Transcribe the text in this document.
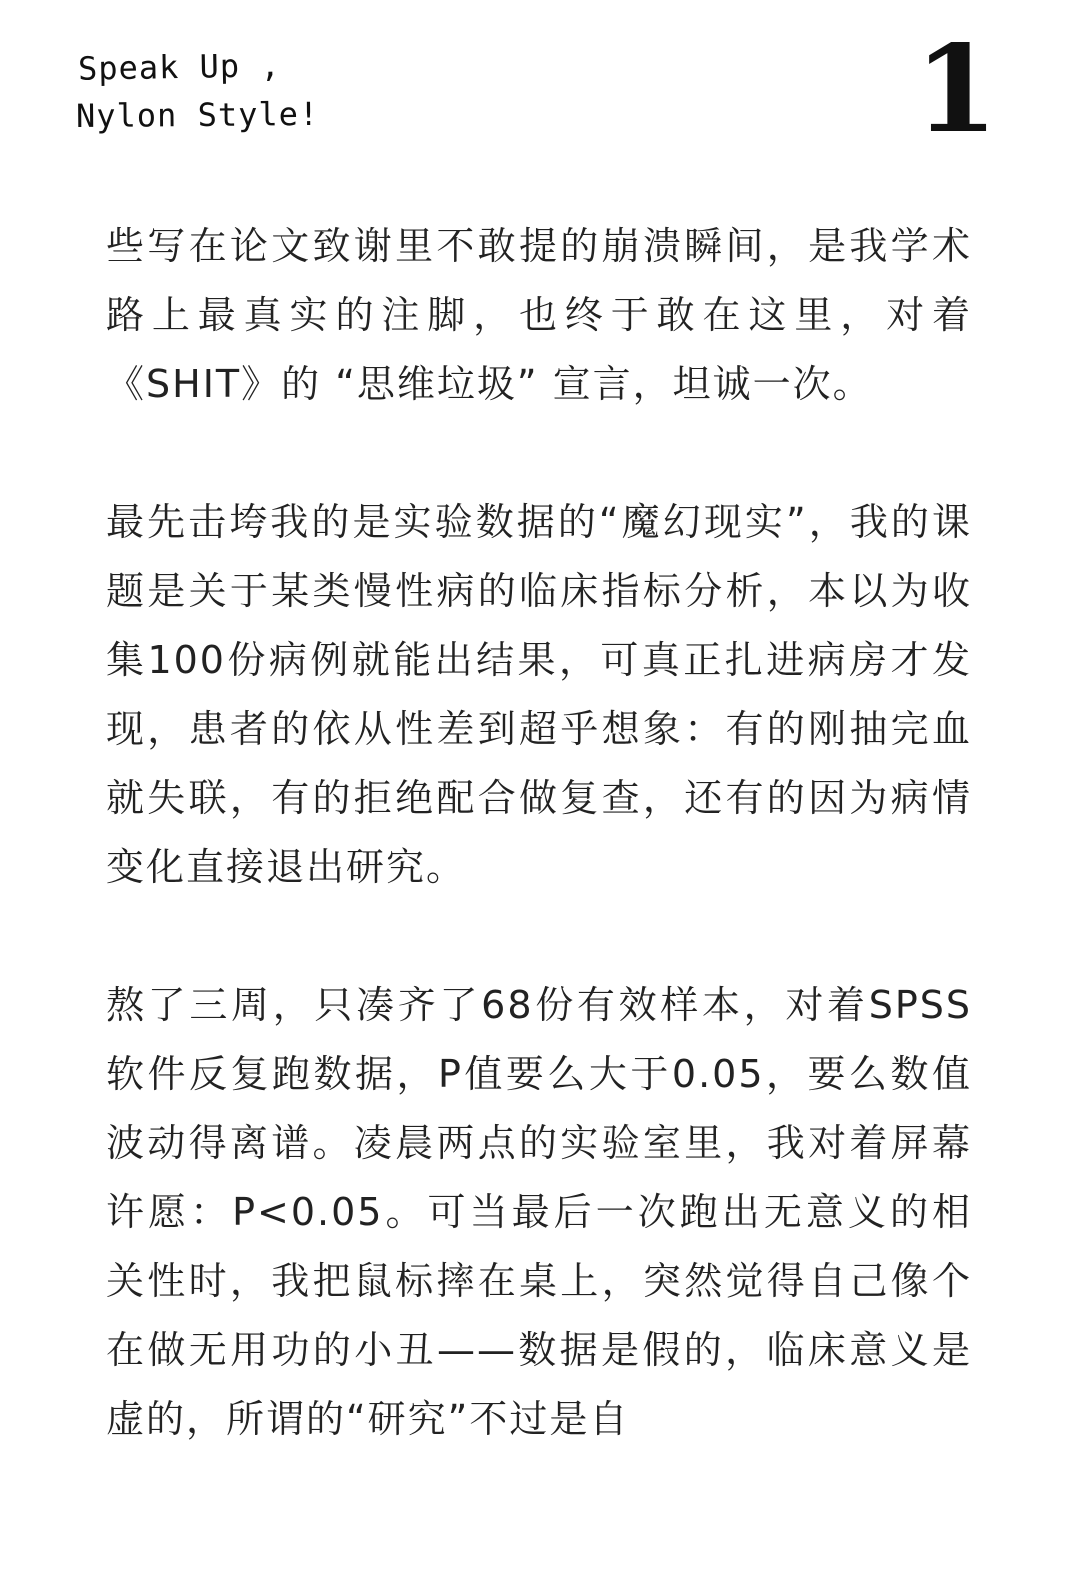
Speak Up ,
Nylon Style!	1

些写在论文致谢里不敢提的崩溃瞬间，是我学术路上最真实的注脚，也终于敢在这里，对着《SHIT》的 “思维垃圾” 宣言，坦诚一次。

最先击垮我的是实验数据的“魔幻现实”，我的课题是关于某类慢性病的临床指标分析，本以为收集100份病例就能出结果，可真正扎进病房才发现，患者的依从性差到超乎想象：有的刚抽完血就失联，有的拒绝配合做复查，还有的因为病情变化直接退出研究。

熬了三周，只凑齐了68份有效样本，对着SPSS软件反复跑数据，P值要么大于0.05，要么数值波动得离谱。凌晨两点的实验室里，我对着屏幕许愿：P<0.05。可当最后一次跑出无意义的相关性时，我把鼠标摔在桌上，突然觉得自己像个在做无用功的小丑——数据是假的，临床意义是虚的，所谓的“研究”不过是自
